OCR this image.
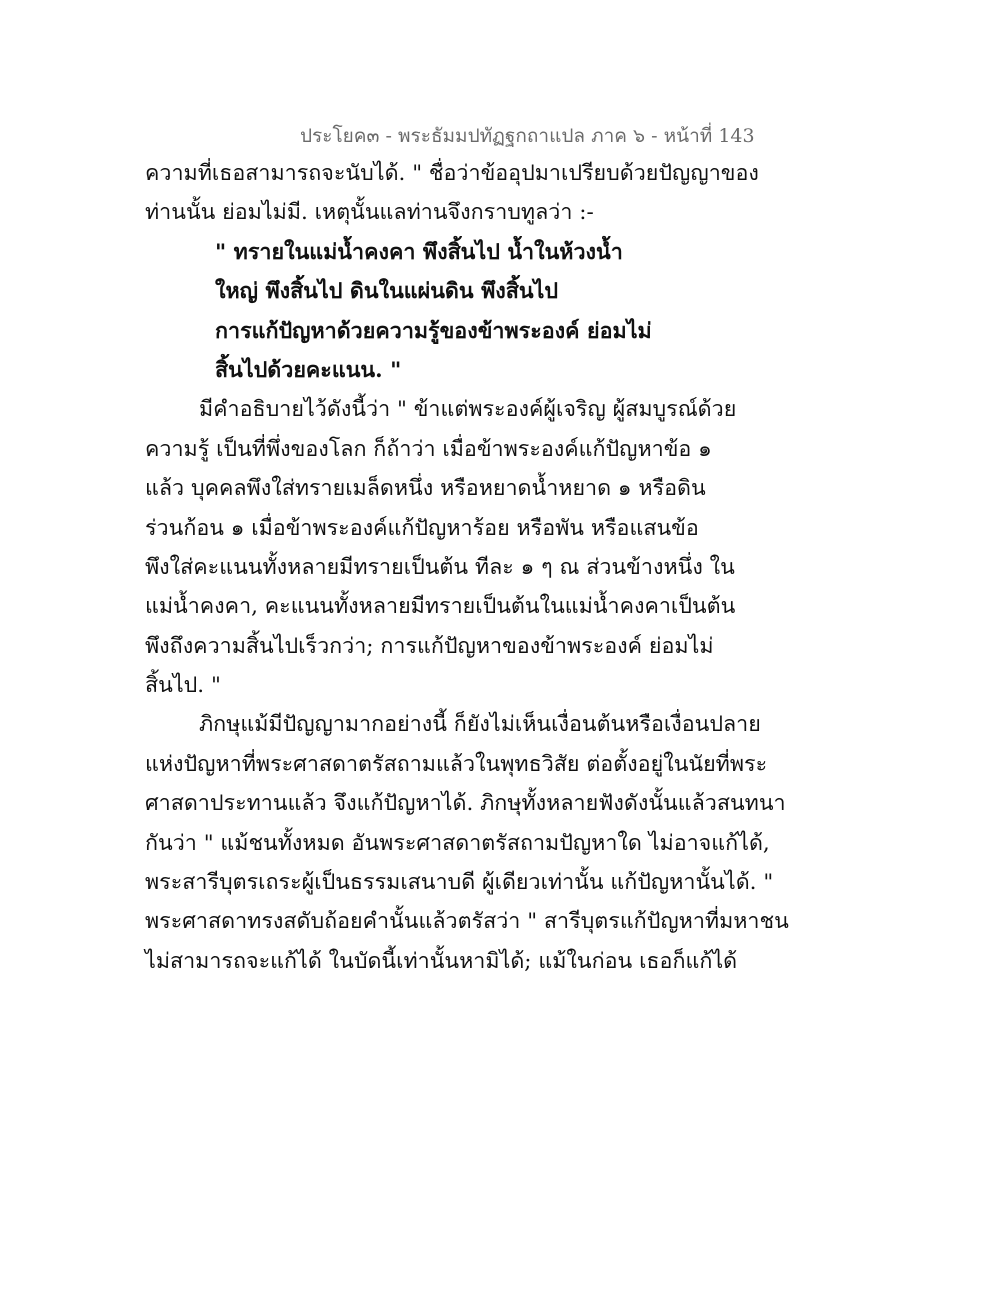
ประโยค๓ - พระธัมมปทัฏฐกถาแปล ภาค ๖ - หน้าที่ 143
ความที่เธอสามารถจะนับได้. " ชื่อว่าข้ออุปมาเปรียบด้วยปัญญาของ
ท่านนั้น ย่อมไม่มี. เหตุนั้นแลท่านจึงกราบทูลว่า :-
" ทรายในแม่น้ำคงคา พึงสิ้นไป น้ำในห้วงน้ำ
ใหญ่ พึงสิ้นไป ดินในแผ่นดิน พึงสิ้นไป
การแก้ปัญหาด้วยความรู้ของข้าพระองค์ ย่อมไม่
สิ้นไปด้วยคะแนน. "
มีคำอธิบายไว้ดังนี้ว่า " ข้าแต่พระองค์ผู้เจริญ ผู้สมบูรณ์ด้วย
ความรู้ เป็นที่พึ่งของโลก ก็ถ้าว่า เมื่อข้าพระองค์แก้ปัญหาข้อ ๑
แล้ว บุคคลพึงใส่ทรายเมล็ดหนึ่ง หรือหยาดน้ำหยาด ๑ หรือดิน
ร่วนก้อน ๑ เมื่อข้าพระองค์แก้ปัญหาร้อย หรือพัน หรือแสนข้อ
พึงใส่คะแนนทั้งหลายมีทรายเป็นต้น ทีละ ๑ ๆ ณ ส่วนข้างหนึ่ง ใน
แม่น้ำคงคา, คะแนนทั้งหลายมีทรายเป็นต้นในแม่น้ำคงคาเป็นต้น
พึงถึงความสิ้นไปเร็วกว่า; การแก้ปัญหาของข้าพระองค์ ย่อมไม่
สิ้นไป. "
ภิกษุแม้มีปัญญามากอย่างนี้ ก็ยังไม่เห็นเงื่อนต้นหรือเงื่อนปลาย
แห่งปัญหาที่พระศาสดาตรัสถามแล้วในพุทธวิสัย ต่อตั้งอยู่ในนัยที่พระ
ศาสดาประทานแล้ว จึงแก้ปัญหาได้. ภิกษุทั้งหลายฟังดังนั้นแล้วสนทนา
กันว่า " แม้ชนทั้งหมด อันพระศาสดาตรัสถามปัญหาใด ไม่อาจแก้ได้,
พระสารีบุตรเถระผู้เป็นธรรมเสนาบดี ผู้เดียวเท่านั้น แก้ปัญหานั้นได้. "
พระศาสดาทรงสดับถ้อยคำนั้นแล้วตรัสว่า " สารีบุตรแก้ปัญหาที่มหาชน
ไม่สามารถจะแก้ได้ ในบัดนี้เท่านั้นหามิได้; แม้ในก่อน เธอก็แก้ได้
